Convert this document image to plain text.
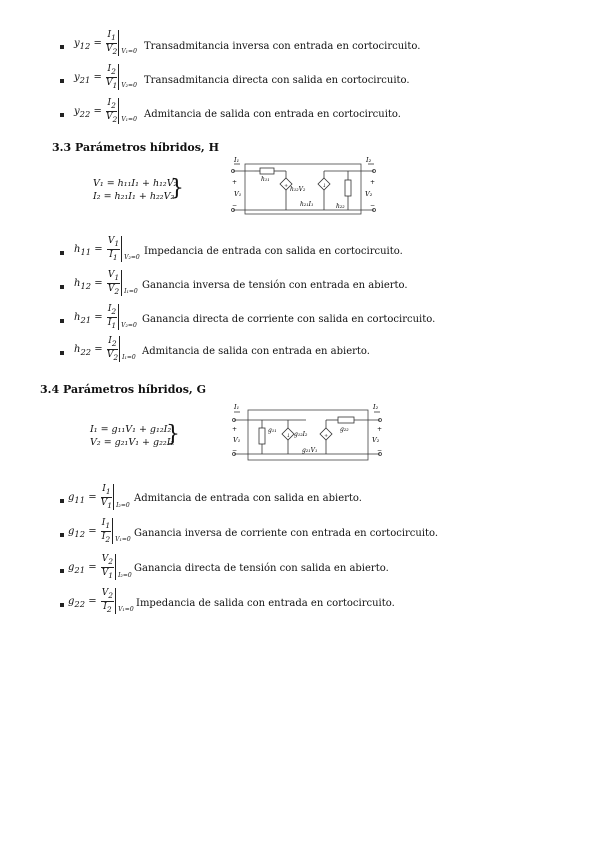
$y_{12} = \frac{I_1}{V_2} V_1=0$ Transadmitancia inversa con entrada en cortocircuito.
$y_{21} = \frac{I_2}{V_1} V_2=0$ Transadmitancia directa con salida en cortocircuito.
$y_{22} = \frac{I_2}{V_2} V_1=0$ Admitancia de salida con entrada en cortocircuito.
3.3 Parámetros híbridos, H
V₁ = h₁₁I₁ + h₁₂V₂
I₂ = h₂₁I₁ + h₂₂V₂
}	+	↓
+
−
+
−
I₁	I₂
V₁	V₂
h₁₁
h₁₂V₂
h₂₁I₁	h₂₂
$h_{11} = \frac{V_1}{I_1} V_2=0$
Impedancia de entrada con salida en cortocircuito.
$h_{12} = \frac{V_1}{V_2} I_1=0$
Ganancia inversa de tensión con entrada en abierto.
$h_{21} = \frac{I_2}{I_1} V_2=0$
Ganancia directa de corriente con salida en cortocircuito.
$h_{22} = \frac{I_2}{V_2} I_1=0$
Admitancia de salida con entrada en abierto.
3.4 Parámetros híbridos, G
I₁ = g₁₁V₁ + g₁₂I₂
V₂ = g₂₁V₁ + g₂₂I₂
}	↓	+
+
−
+
−
I₁	I₂
V₁	V₂
g₁₁
g₁₂I₂
g₂₁V₁
g₂₂
$g_{11} = \frac{I_1}{V_1} I_2=0$
Admitancia de entrada con salida en abierto.
$g_{12} = \frac{I_1}{I_2} V_1=0$
Ganancia inversa de corriente con entrada en cortocircuito.
$g_{21} = \frac{V_2}{V_1} I_2=0$
Ganancia directa de tensión con salida en abierto.
$g_{22} = \frac{V_2}{I_2} V_1=0$
Impedancia de salida con entrada en cortocircuito.
